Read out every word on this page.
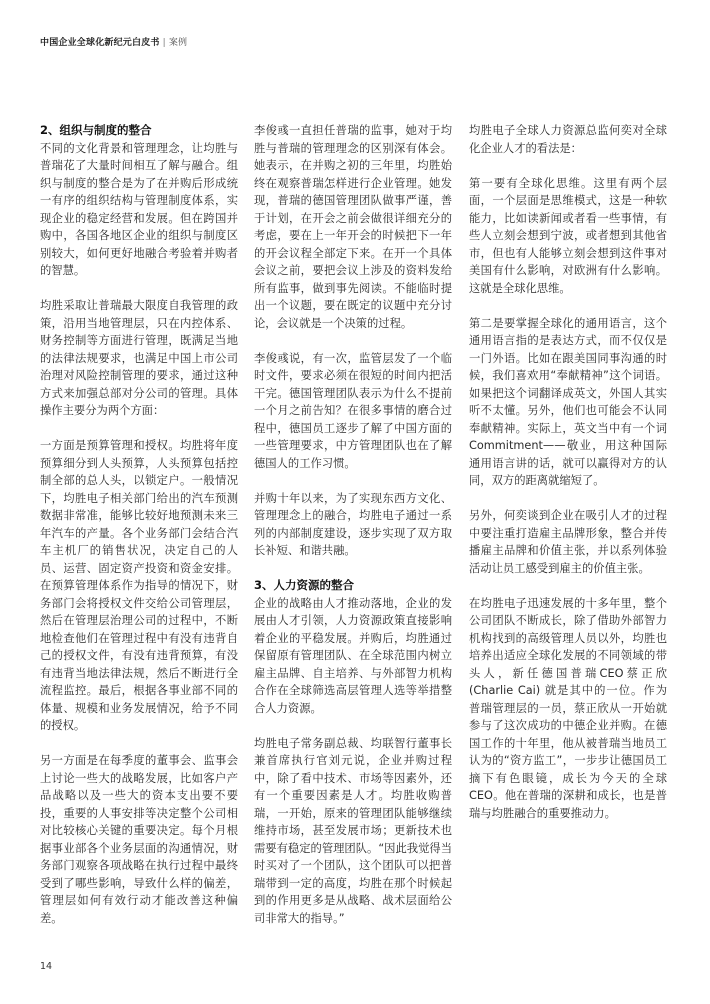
中国企业全球化新纪元白皮书 | 案例
2、组织与制度的整合

不同的文化背景和管理理念，让均胜与普瑞花了大量时间相互了解与融合。组织与制度的整合是为了在并购后形成统一有序的组织结构与管理制度体系，实现企业的稳定经营和发展。但在跨国并购中，各国各地区企业的组织与制度区别较大，如何更好地融合考验着并购者的智慧。

均胜采取让普瑞最大限度自我管理的政策，沿用当地管理层，只在内控体系、财务控制等方面进行管理，既满足当地的法律法规要求，也满足中国上市公司治理对风险控制管理的要求，通过这种方式来加强总部对分公司的管理。具体操作主要分为两个方面：

一方面是预算管理和授权。均胜将年度预算细分到人头预算，人头预算包括控制全部的总人头，以锁定户。一般情况下，均胜电子相关部门给出的汽车预测数据非常准，能够比较好地预测未来三年汽车的产量。各个业务部门会结合汽车主机厂的销售状况，决定自己的人员、运营、固定资产投资和资金安排。在预算管理体系作为指导的情况下，财务部门会将授权文件交给公司管理层，然后在管理层治理公司的过程中，不断地检查他们在管理过程中有没有违背自己的授权文件，有没有违背预算，有没有违背当地法律法规，然后不断进行全流程监控。最后，根据各事业部不同的体量、规模和业务发展情况，给予不同的授权。

另一方面是在每季度的董事会、监事会上讨论一些大的战略发展，比如客户产品战略以及一些大的资本支出要不要投，重要的人事安排等决定整个公司相对比较核心关键的重要决定。每个月根据事业部各个业务层面的沟通情况，财务部门观察各项战略在执行过程中最终受到了哪些影响，导致什么样的偏差，管理层如何有效行动才能改善这种偏差。

李俊彧一直担任普瑞的监事，她对于均胜与普瑞的管理理念的区别深有体会。她表示，在并购之初的三年里，均胜始终在观察普瑞怎样进行企业管理。她发现，普瑞的德国管理团队做事严谨，善于计划，在开会之前会做很详细充分的考虑，要在上一年开会的时候把下一年的开会议程全部定下来。在开一个具体会议之前，要把会议上涉及的资料发给所有监事，做到事先阅读。不能临时提出一个议题，要在既定的议题中充分讨论，会议就是一个决策的过程。

李俊彧说，有一次，监管层发了一个临时文件，要求必须在很短的时间内把活干完。德国管理团队表示为什么不提前一个月之前告知？在很多事情的磨合过程中，德国员工逐步了解了中国方面的一些管理要求，中方管理团队也在了解德国人的工作习惯。

并购十年以来，为了实现东西方文化、管理理念上的融合，均胜电子通过一系列的内部制度建设，逐步实现了双方取长补短、和谐共融。

3、人力资源的整合

企业的战略由人才推动落地，企业的发展由人才引领，人力资源政策直接影响着企业的平稳发展。并购后，均胜通过保留原有管理团队、在全球范围内树立雇主品牌、自主培养、与外部智力机构合作在全球筛选高层管理人选等举措整合人力资源。

均胜电子常务副总裁、均联智行董事长兼首席执行官刘元说，企业并购过程中，除了看中技术、市场等因素外，还有一个重要因素是人才。均胜收购普瑞，一开始，原来的管理团队能够继续维持市场，甚至发展市场；更新技术也需要有稳定的管理团队。“因此我觉得当时买对了一个团队，这个团队可以把普瑞带到一定的高度，均胜在那个时候起到的作用更多是从战略、战术层面给公司非常大的指导。”

均胜电子全球人力资源总监何奕对全球化企业人才的看法是：

第一要有全球化思维。这里有两个层面，一个层面是思维模式，这是一种软能力，比如读新闻或者看一些事情，有些人立刻会想到宁波，或者想到其他省市，但也有人能够立刻会想到这件事对美国有什么影响，对欧洲有什么影响。这就是全球化思维。

第二是要掌握全球化的通用语言，这个通用语言指的是表达方式，而不仅仅是一门外语。比如在跟美国同事沟通的时候，我们喜欢用“奉献精神”这个词语。如果把这个词翻译成英文，外国人其实听不太懂。另外，他们也可能会不认同奉献精神。实际上，英文当中有一个词Commitment——敬业，用这种国际通用语言讲的话，就可以赢得对方的认同，双方的距离就缩短了。

另外，何奕谈到企业在吸引人才的过程中要注重打造雇主品牌形象，整合并传播雇主品牌和价值主张，并以系列体验活动让员工感受到雇主的价值主张。

在均胜电子迅速发展的十多年里，整个公司团队不断成长，除了借助外部智力机构找到的高级管理人员以外，均胜也培养出适应全球化发展的不同领域的带头人，新任德国普瑞CEO蔡正欣 (Charlie Cai) 就是其中的一位。作为普瑞管理层的一员，蔡正欣从一开始就参与了这次成功的中德企业并购。在德国工作的十年里，他从被普瑞当地员工认为的“资方监工”，一步步让德国员工摘下有色眼镜，成长为今天的全球CEO。他在普瑞的深耕和成长，也是普瑞与均胜融合的重要推动力。

14
